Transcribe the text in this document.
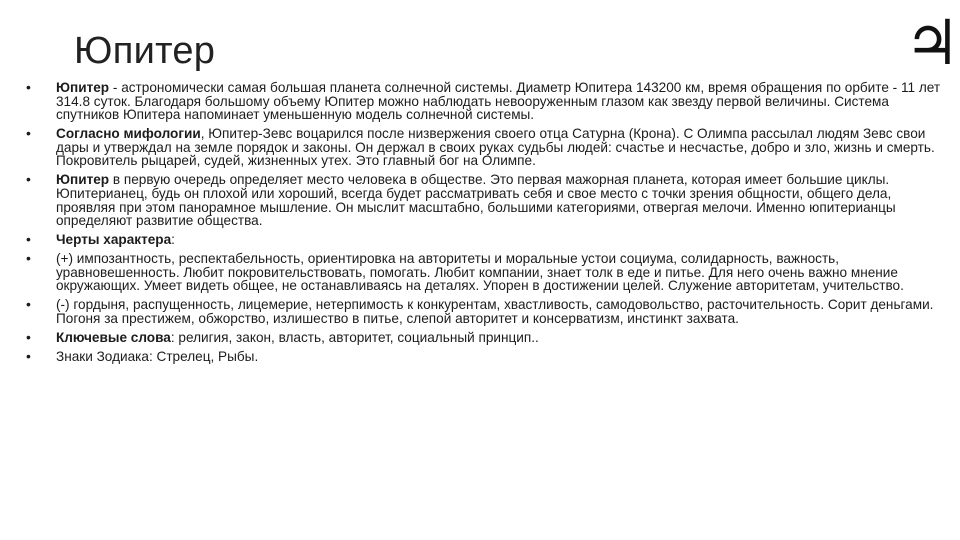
Юпитер	♃
•	Юпитер - астрономически самая большая планета солнечной системы. Диаметр Юпитера 143200 км, время обращения по орбите - 11 лет 314.8 суток. Благодаря большому объему Юпитер можно наблюдать невооруженным глазом как звезду первой величины. Система спутников Юпитера напоминает уменьшенную модель солнечной системы.
•	Согласно мифологии, Юпитер-Зевс воцарился после низвержения своего отца Сатурна (Крона). С Олимпа рассылал людям Зевс свои дары и утверждал на земле порядок и законы. Он держал в своих руках судьбы людей: счастье и несчастье, добро и зло, жизнь и смерть. Покровитель рыцарей, судей, жизненных утех. Это главный бог на Олимпе.
•	Юпитер в первую очередь определяет место человека в обществе. Это первая мажорная планета, которая имеет большие циклы. Юпитерианец, будь он плохой или хороший, всегда будет рассматривать себя и свое место с точки зрения общности, общего дела, проявляя при этом панорамное мышление. Он мыслит масштабно, большими категориями, отвергая мелочи. Именно юпитерианцы определяют развитие общества.
•	Черты характера:
•	(+) импозантность, респектабельность, ориентировка на авторитеты и моральные устои социума, солидарность, важность, уравновешенность. Любит покровительствовать, помогать. Любит компании, знает толк в еде и питье. Для него очень важно мнение окружающих. Умеет видеть общее, не останавливаясь на деталях. Упорен в достижении целей. Служение авторитетам, учительство.
•	(-) гордыня, распущенность, лицемерие, нетерпимость к конкурентам, хвастливость, самодовольство, расточительность. Сорит деньгами. Погоня за престижем, обжорство, излишество в питье, слепой авторитет и консерватизм, инстинкт захвата.
•	Ключевые слова: религия, закон, власть, авторитет, социальный принцип..
•	Знаки Зодиака: Стрелец, Рыбы.
